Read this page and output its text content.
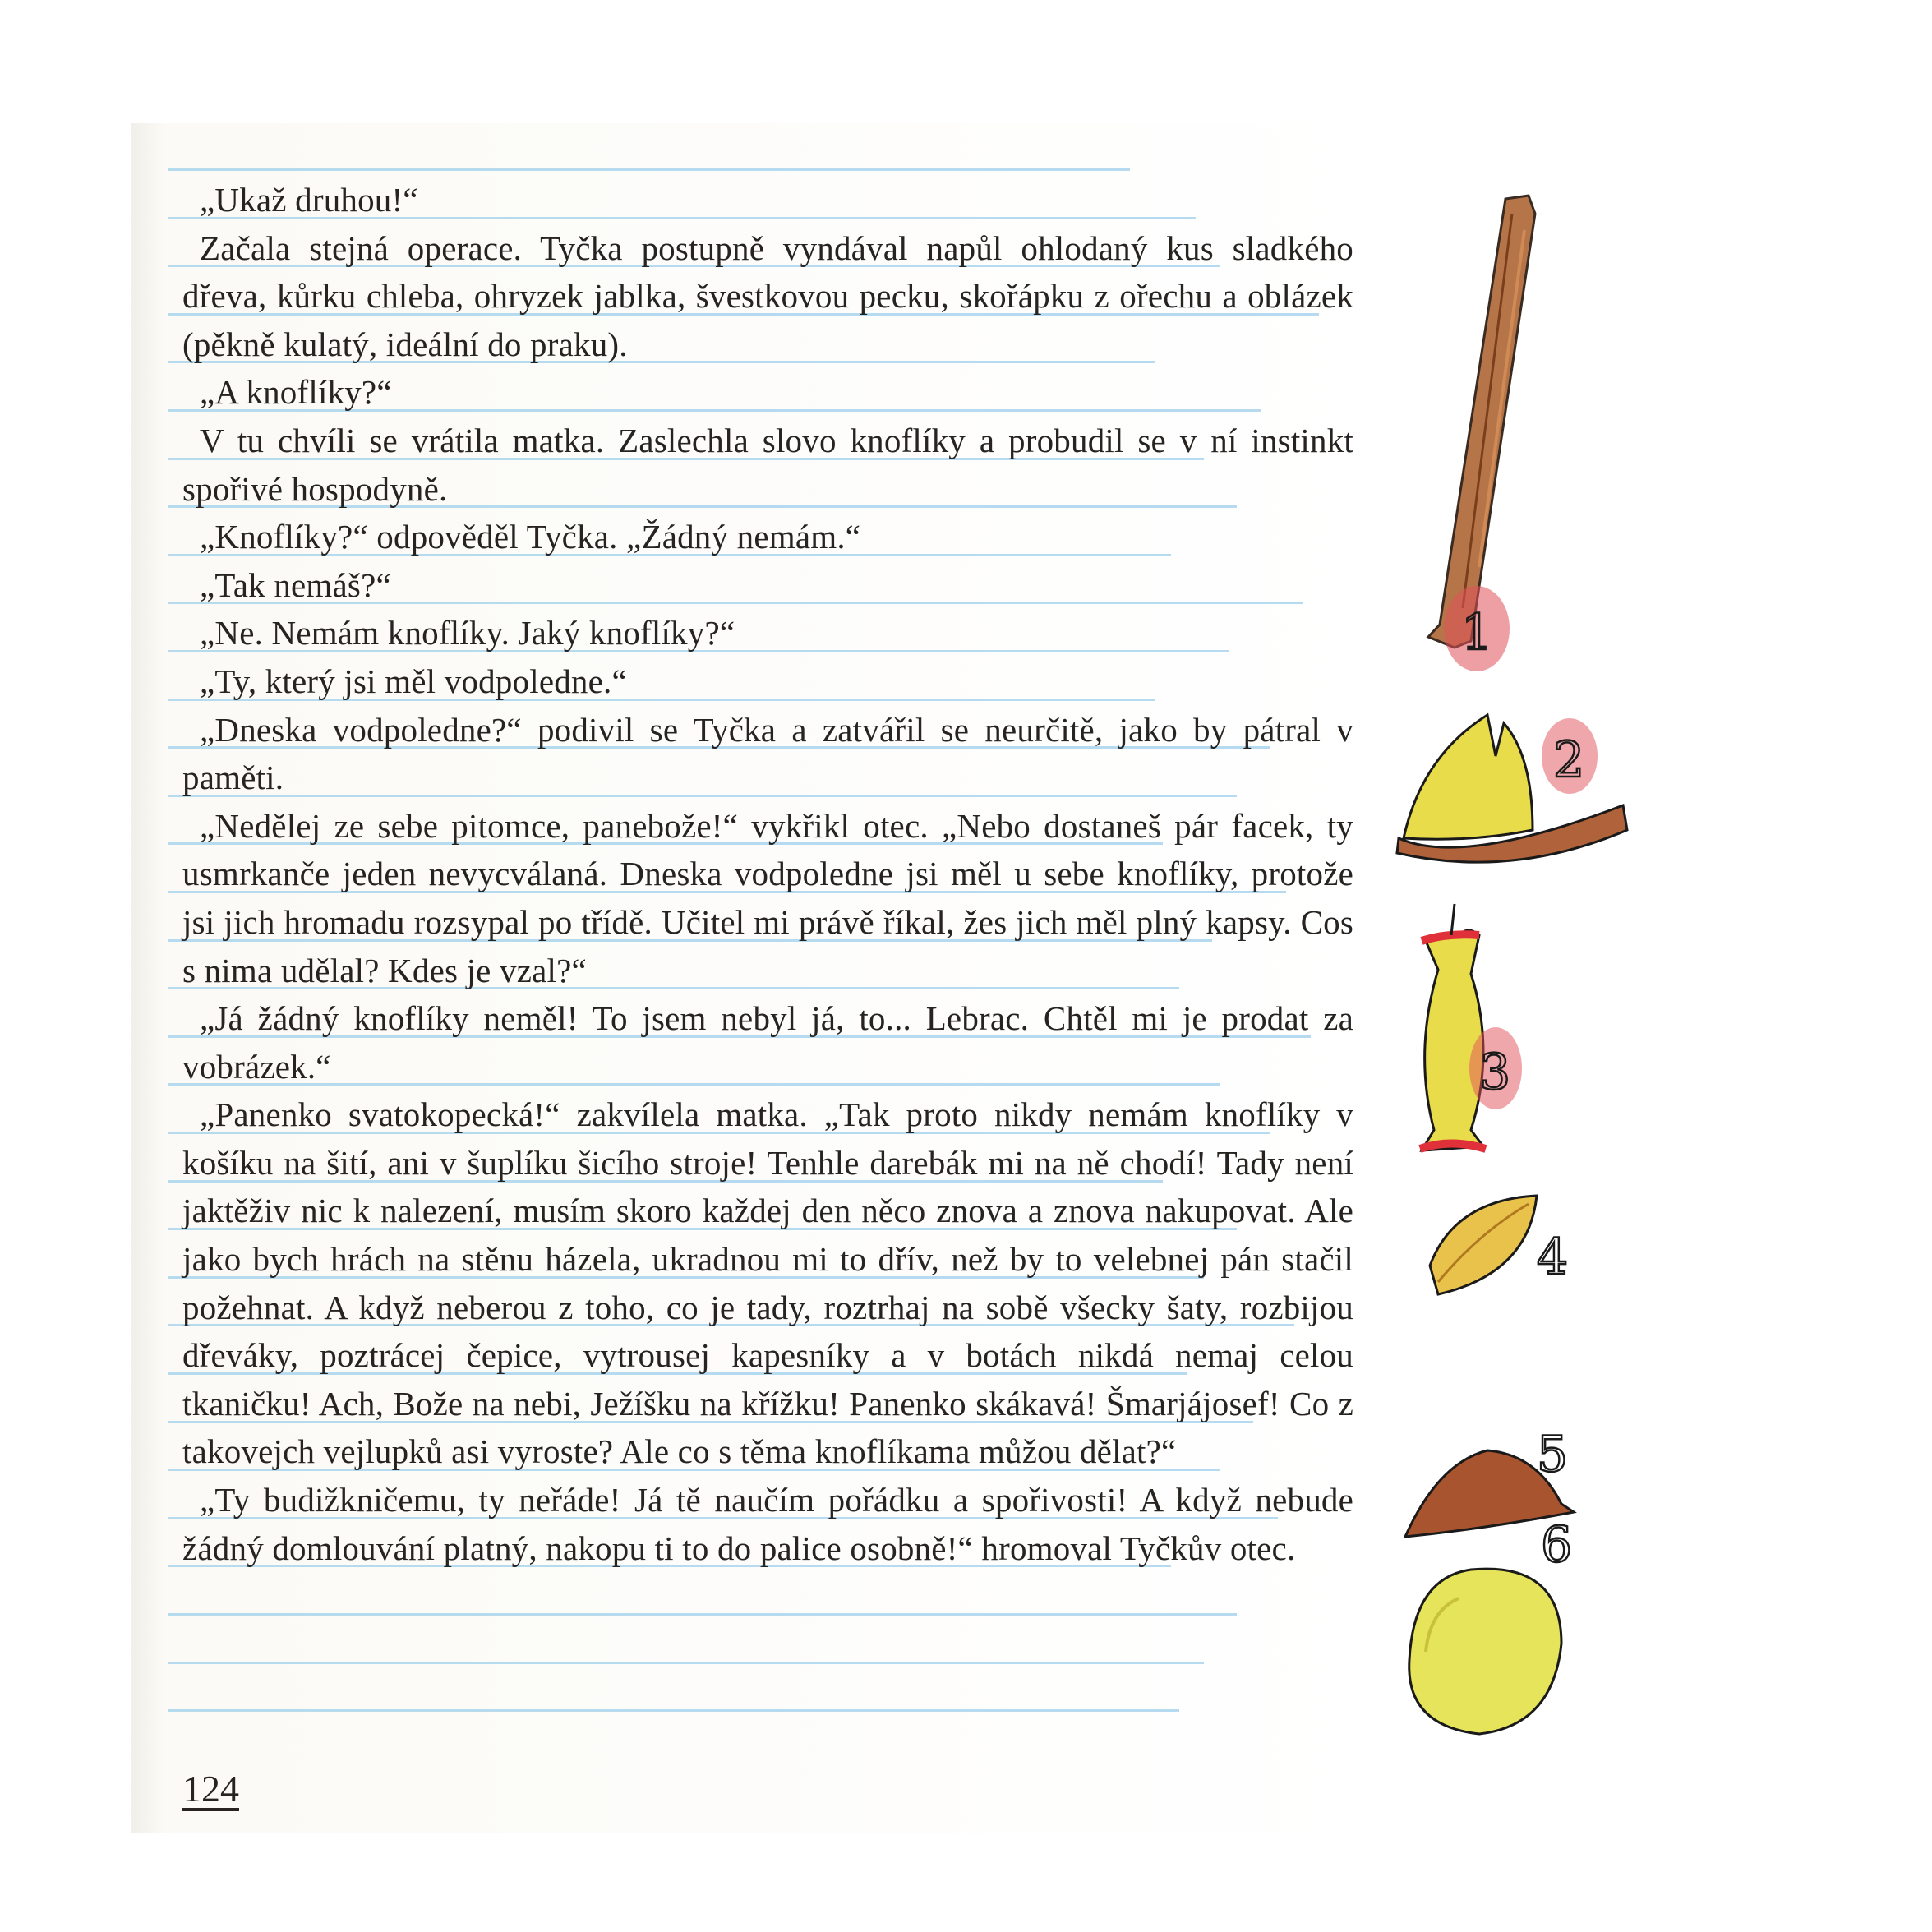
„Ukaž druhou!“

Začala stejná operace. Tyčka postupně vyndával napůl ohlodaný kus sladkého dřeva, kůrku chleba, ohryzek jablka, švestkovou pecku, skořápku z ořechu a oblázek (pěkně kulatý, ideální do praku).

„A knoflíky?“

V tu chvíli se vrátila matka. Zaslechla slovo knoflíky a probudil se v ní instinkt spořivé hospodyně.

„Knoflíky?“ odpověděl Tyčka. „Žádný nemám.“

„Tak nemáš?“

„Ne. Nemám knoflíky. Jaký knoflíky?“

„Ty, který jsi měl vodpoledne.“

„Dneska vodpoledne?“ podivil se Tyčka a zatvářil se neurčitě, jako by pátral v paměti.

„Nedělej ze sebe pitomce, panebože!“ vykřikl otec. „Nebo dostaneš pár facek, ty usmrkanče jeden nevycválaná. Dneska vodpoledne jsi měl u sebe knoflíky, protože jsi jich hromadu rozsypal po třídě. Učitel mi právě říkal, žes jich měl plný kapsy. Cos s nima udělal? Kdes je vzal?“

„Já žádný knoflíky neměl! To jsem nebyl já, to... Lebrac. Chtěl mi je prodat za vobrázek.“

„Panenko svatokopecká!“ zakvílela matka. „Tak proto nikdy nemám knoflíky v košíku na šití, ani v šuplíku šicího stroje! Tenhle darebák mi na ně chodí! Tady není jaktěživ nic k nalezení, musím skoro každej den něco znova a znova nakupovat. Ale jako bych hrách na stěnu házela, ukradnou mi to dřív, než by to velebnej pán stačil požehnat. A když neberou z toho, co je tady, roztrhaj na sobě všecky šaty, rozbijou dřeváky, poztrácej čepice, vytrousej kapesníky a v botách nikdá nemaj celou tkaničku! Ach, Bože na nebi, Ježíšku na křížku! Panenko skákavá! Šmarjájosef! Co z takovejch vejlupků asi vyroste? Ale co s těma knoflíkama můžou dělat?“

„Ty budižkničemu, ty neřáde! Já tě naučím pořádku a spořivosti! A když nebude žádný domlouvání platný, nakopu ti to do palice osobně!“ hromoval Tyčkův otec.

124
1
2
3
4
5
6
